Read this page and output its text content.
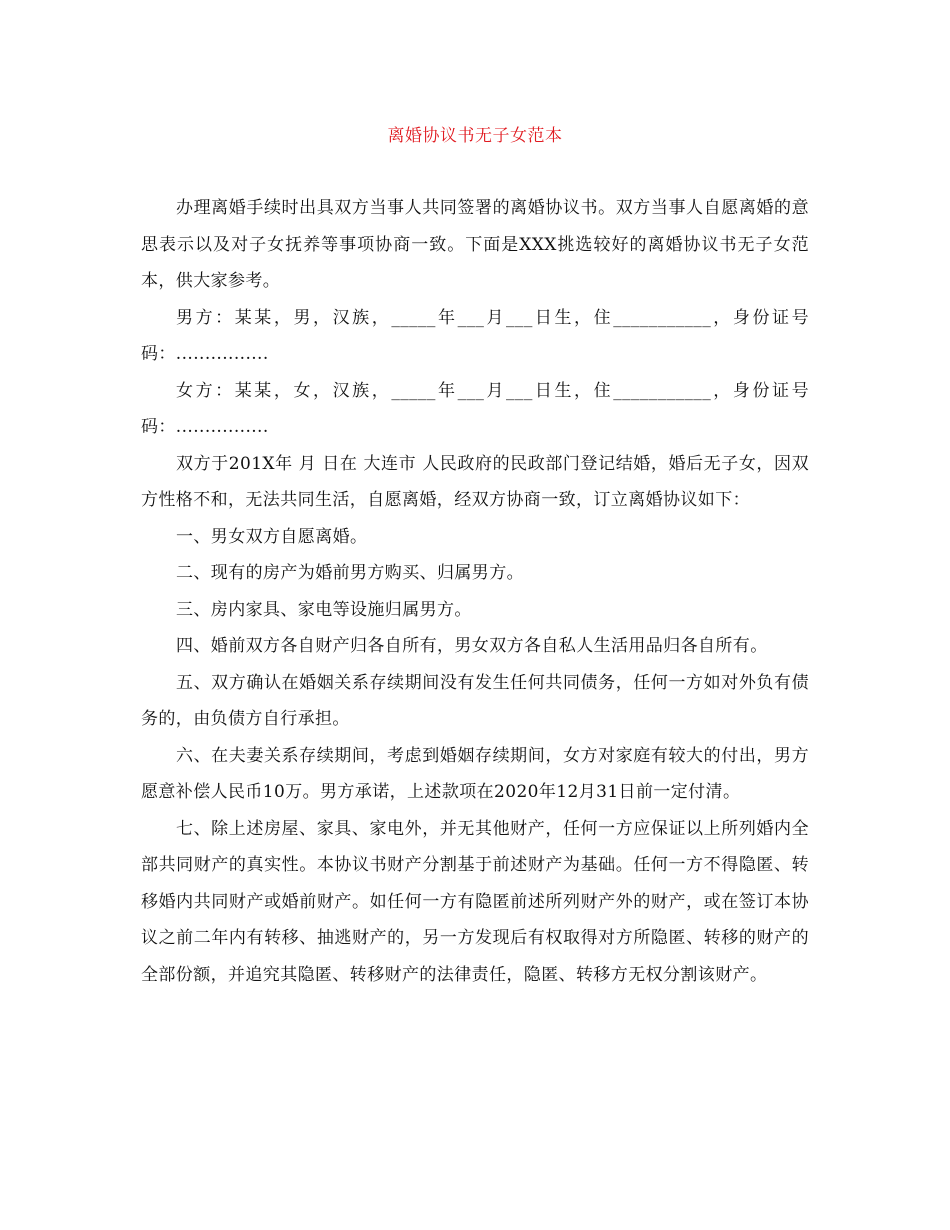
离婚协议书无子女范本

办理离婚手续时出具双方当事人共同签署的离婚协议书。双方当事人自愿离婚的意思表示以及对子女抚养等事项协商一致。下面是XXX挑选较好的离婚协议书无子女范本，供大家参考。

男方：某某，男，汉族，_____年___月___日生，住___________，身份证号码：................

女方：某某，女，汉族，_____年___月___日生，住___________，身份证号码：................

双方于201X年 月 日在 大连市 人民政府的民政部门登记结婚，婚后无子女，因双方性格不和，无法共同生活，自愿离婚，经双方协商一致，订立离婚协议如下：

一、男女双方自愿离婚。

二、现有的房产为婚前男方购买、归属男方。

三、房内家具、家电等设施归属男方。

四、婚前双方各自财产归各自所有，男女双方各自私人生活用品归各自所有。

五、双方确认在婚姻关系存续期间没有发生任何共同债务，任何一方如对外负有债务的，由负债方自行承担。

六、在夫妻关系存续期间，考虑到婚姻存续期间，女方对家庭有较大的付出，男方愿意补偿人民币10万。男方承诺，上述款项在2020年12月31日前一定付清。

七、除上述房屋、家具、家电外，并无其他财产，任何一方应保证以上所列婚内全部共同财产的真实性。本协议书财产分割基于前述财产为基础。任何一方不得隐匿、转移婚内共同财产或婚前财产。如任何一方有隐匿前述所列财产外的财产，或在签订本协议之前二年内有转移、抽逃财产的，另一方发现后有权取得对方所隐匿、转移的财产的全部份额，并追究其隐匿、转移财产的法律责任，隐匿、转移方无权分割该财产。
